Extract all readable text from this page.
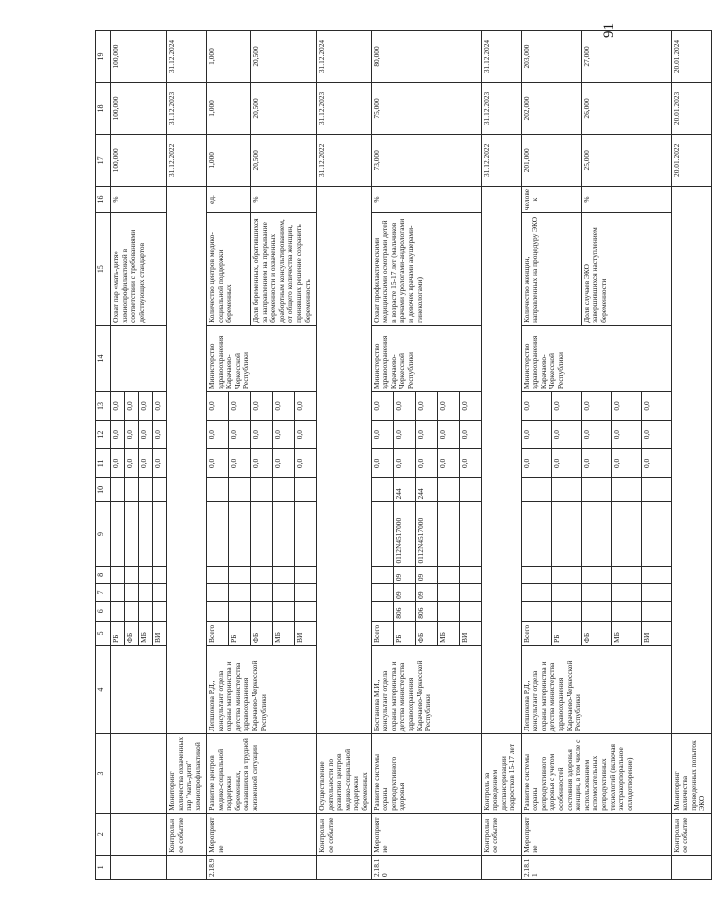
91
1	2	3	4	5	6	7	8	9	10	11	12	13	14	15	16	17	18	19
				РБ						0,0	0,0	0,0		Охват пар «мать-дитя» химиопрофилактикой в соответствии с требованиями действующих стандартов	%	100,000	100,000	100,000
				ФБ						0,0	0,0	0,0						
				МБ						0,0	0,0	0,0						
				ВИ						0,0	0,0	0,0						
	Контрольное событие	Мониторинг количества охваченных пар "мать-дитя" химиопрофилактикой														31.12.2022	31.12.2023	31.12.2024
2.18.9	Мероприятие	Развитие центров медико-социальной поддержки беременных, оказавшихся в трудной жизненной ситуации	Лепшокова Р.Д., консультант отдела охраны материнства и детства министерства здравоохранения Карачаево-Черкесской Республики	Всего						0,0	0,0	0,0	Министерство здравоохранения Карачаево-Черкесской Республики	Количество центров медико-социальной поддержки беременных	ед.	1,000	1,000	1,000
				РБ						0,0	0,0	0,0						
				ФБ						0,0	0,0	0,0		Доля беременных, обратившихся за направлением на прерывание беременности и охваченных доабортным консультированием, от общего количества женщин, принявших решение сохранить беременность	%	20,500	20,500	20,500
				МБ						0,0	0,0	0,0						
				ВИ						0,0	0,0	0,0						
	Контрольное событие	Осуществление деятельности по развитию центров медико-социальной поддержки беременных														31.12.2022	31.12.2023	31.12.2024
2.18.10	Мероприятие	Развитие системы охраны репродуктивного здоровья	Бостанова М.И., консультант отдела охраны материнства и детства министерства здравоохранения Карачаево-Черкесской Республики	Всего						0,0	0,0	0,0	Министерство здравоохранения Карачаево-Черкесской Республики	Охват профилактическими медицинскими осмотрами детей в возрасте 15-17 лет (мальчиков врачами урологами-андрологами и девочек врачами акушерами-гинекологами)	%	73,000	75,000	80,000
				РБ	806	09	09	0112N4517000	244	0,0	0,0	0,0						
				ФБ	806	09	09	0112N4517000	244	0,0	0,0	0,0						
				МБ						0,0	0,0	0,0						
				ВИ						0,0	0,0	0,0						
	Контрольное событие	Контроль за проведением диспансеризации подростков 15-17 лет														31.12.2022	31.12.2023	31.12.2024
2.18.11	Мероприятие	Развитие системы охраны репродуктивного здоровья с учетом особенностей состояния здоровья женщин, в том числе с использованием вспомогательных репродуктивных технологий (включая экстракорпоральное оплодотворение)	Лепшокова Р.Д., консультант отдела охраны материнства и детства министерства здравоохранения Карачаево-Черкесской Республики	Всего						0,0	0,0	0,0	Министерство здравоохранения Карачаево-Черкесской Республики	Количество женщин, направленных на процедуру ЭКО	человек	201,000	202,000	203,000
				РБ						0,0	0,0	0,0						
				ФБ						0,0	0,0	0,0		Доля случаев ЭКО завершившихся наступлением беременности	%	25,000	26,000	27,000
				МБ						0,0	0,0	0,0						
				ВИ						0,0	0,0	0,0						
	Контрольное событие	Мониторинг количества проведенных попыток ЭКО														20.01.2022	20.01.2023	20.01.2024
